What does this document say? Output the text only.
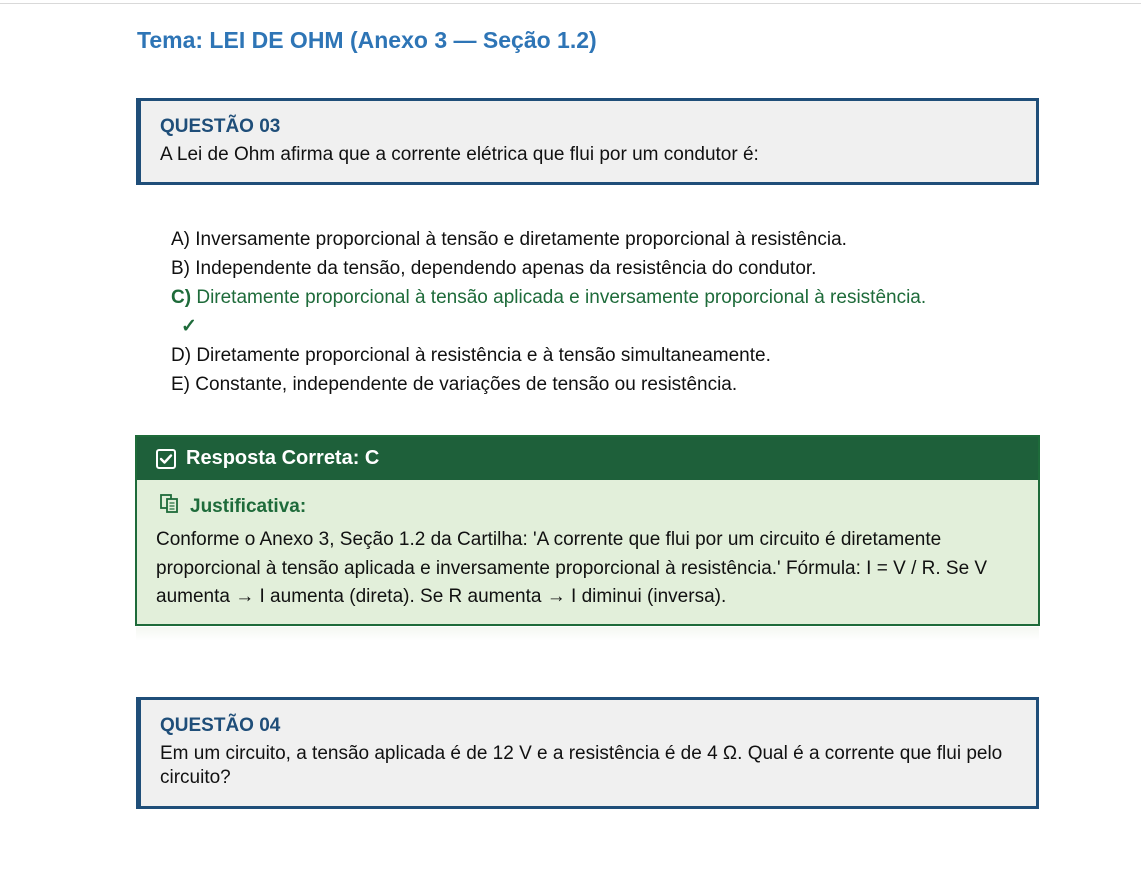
Tema: LEI DE OHM (Anexo 3 — Seção 1.2)
QUESTÃO 03
A Lei de Ohm afirma que a corrente elétrica que flui por um condutor é:
A) Inversamente proporcional à tensão e diretamente proporcional à resistência.
B) Independente da tensão, dependendo apenas da resistência do condutor.
C) Diretamente proporcional à tensão aplicada e inversamente proporcional à resistência.✓
D) Diretamente proporcional à resistência e à tensão simultaneamente.
E) Constante, independente de variações de tensão ou resistência.
Resposta Correta: C
Justificativa:
Conforme o Anexo 3, Seção 1.2 da Cartilha: 'A corrente que flui por um circuito é diretamente proporcional à tensão aplicada e inversamente proporcional à resistência.' Fórmula: I = V / R. Se V aumenta → I aumenta (direta). Se R aumenta → I diminui (inversa).
QUESTÃO 04
Em um circuito, a tensão aplicada é de 12 V e a resistência é de 4 Ω. Qual é a corrente que flui pelo circuito?
